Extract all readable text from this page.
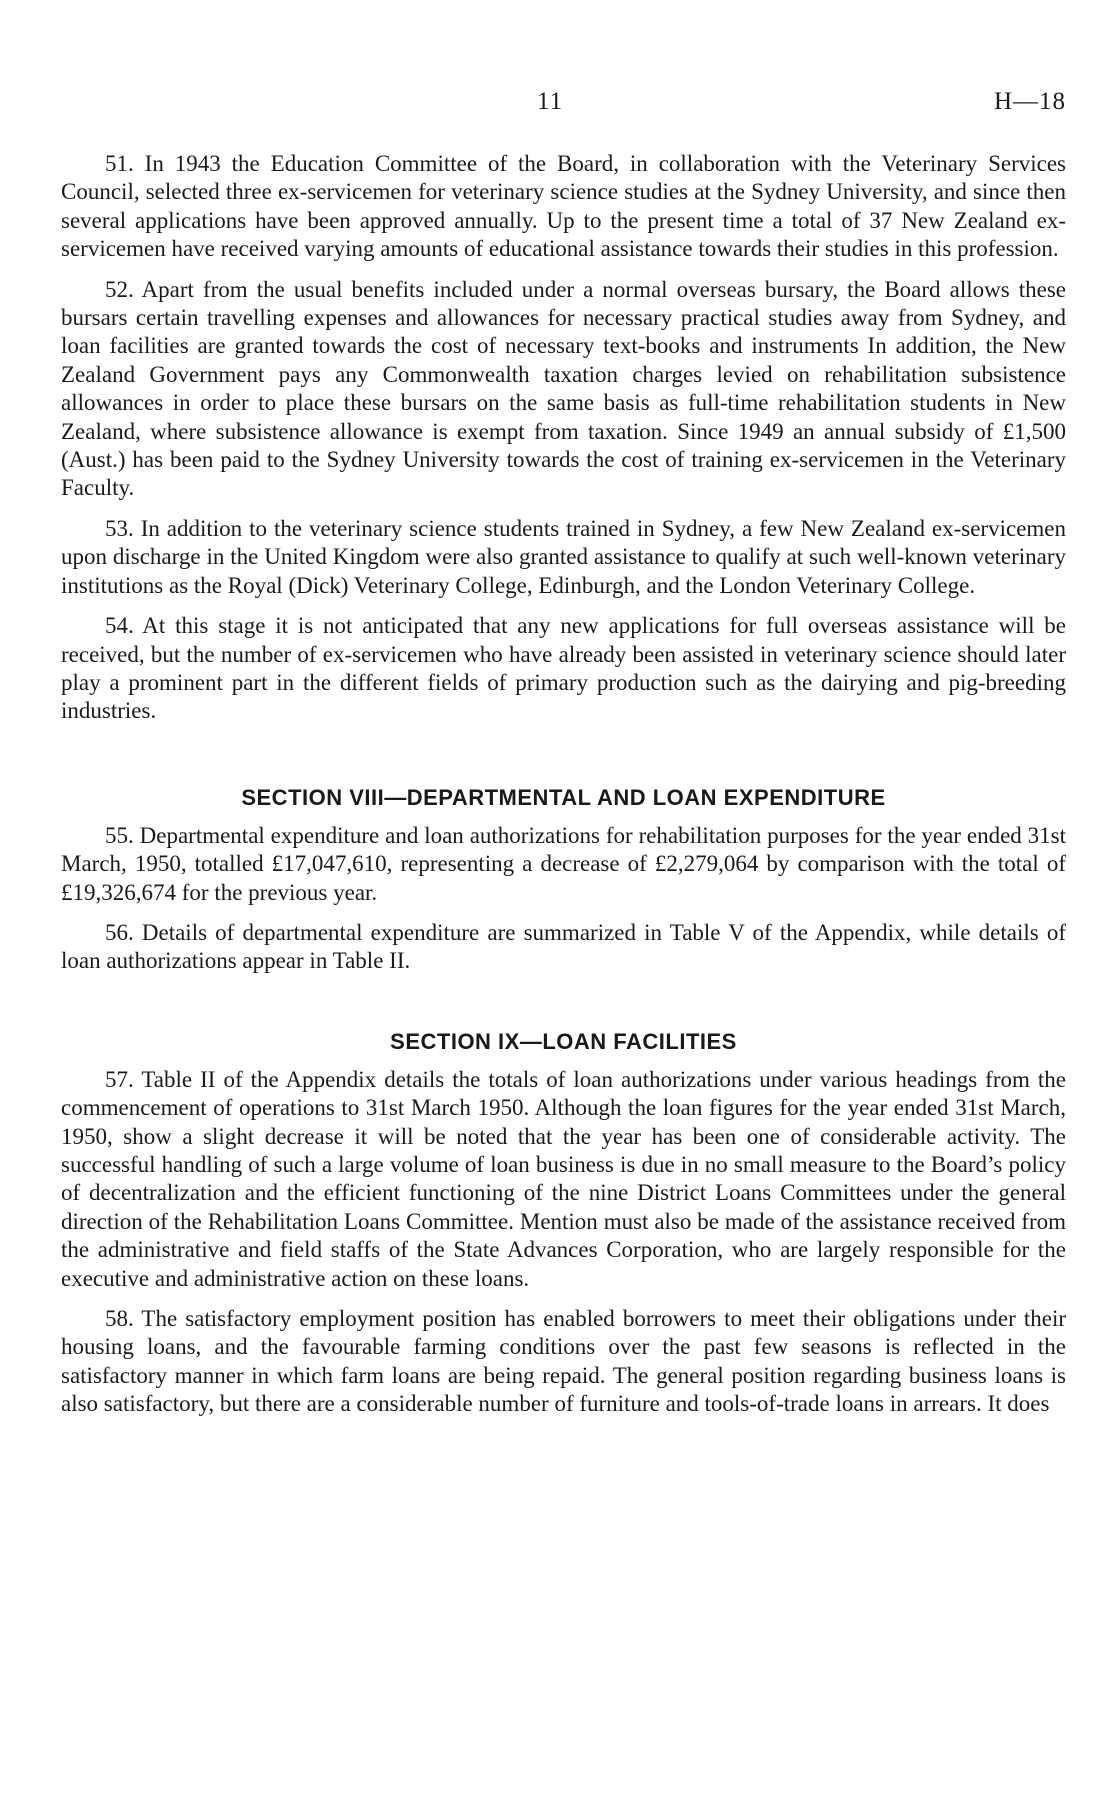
11	H—18

51. In 1943 the Education Committee of the Board, in collaboration with the Veterinary Services Council, selected three ex-servicemen for veterinary science studies at the Sydney University, and since then several applications have been approved annually. Up to the present time a total of 37 New Zealand ex-servicemen have received varying amounts of educational assistance towards their studies in this profession.

52. Apart from the usual benefits included under a normal overseas bursary, the Board allows these bursars certain travelling expenses and allowances for necessary practical studies away from Sydney, and loan facilities are granted towards the cost of necessary text-books and instruments In addition, the New Zealand Government pays any Commonwealth taxation charges levied on rehabilitation subsistence allowances in order to place these bursars on the same basis as full-time rehabilitation students in New Zealand, where subsistence allowance is exempt from taxation. Since 1949 an annual subsidy of £1,500 (Aust.) has been paid to the Sydney University towards the cost of training ex-servicemen in the Veterinary Faculty.

53. In addition to the veterinary science students trained in Sydney, a few New Zealand ex-servicemen upon discharge in the United Kingdom were also granted assistance to qualify at such well-known veterinary institutions as the Royal (Dick) Veterinary College, Edinburgh, and the London Veterinary College.

54. At this stage it is not anticipated that any new applications for full overseas assistance will be received, but the number of ex-servicemen who have already been assisted in veterinary science should later play a prominent part in the different fields of primary production such as the dairying and pig-breeding industries.

SECTION VIII—DEPARTMENTAL AND LOAN EXPENDITURE

55. Departmental expenditure and loan authorizations for rehabilitation purposes for the year ended 31st March, 1950, totalled £17,047,610, representing a decrease of £2,279,064 by comparison with the total of £19,326,674 for the previous year.

56. Details of departmental expenditure are summarized in Table V of the Appendix, while details of loan authorizations appear in Table II.

SECTION IX—LOAN FACILITIES

57. Table II of the Appendix details the totals of loan authorizations under various headings from the commencement of operations to 31st March 1950. Although the loan figures for the year ended 31st March, 1950, show a slight decrease it will be noted that the year has been one of considerable activity. The successful handling of such a large volume of loan business is due in no small measure to the Board’s policy of decentralization and the efficient functioning of the nine District Loans Committees under the general direction of the Rehabilitation Loans Committee. Mention must also be made of the assistance received from the administrative and field staffs of the State Advances Corporation, who are largely responsible for the executive and administrative action on these loans.

58. The satisfactory employment position has enabled borrowers to meet their obligations under their housing loans, and the favourable farming conditions over the past few seasons is reflected in the satisfactory manner in which farm loans are being repaid. The general position regarding business loans is also satisfactory, but there are a considerable number of furniture and tools-of-trade loans in arrears. It does
